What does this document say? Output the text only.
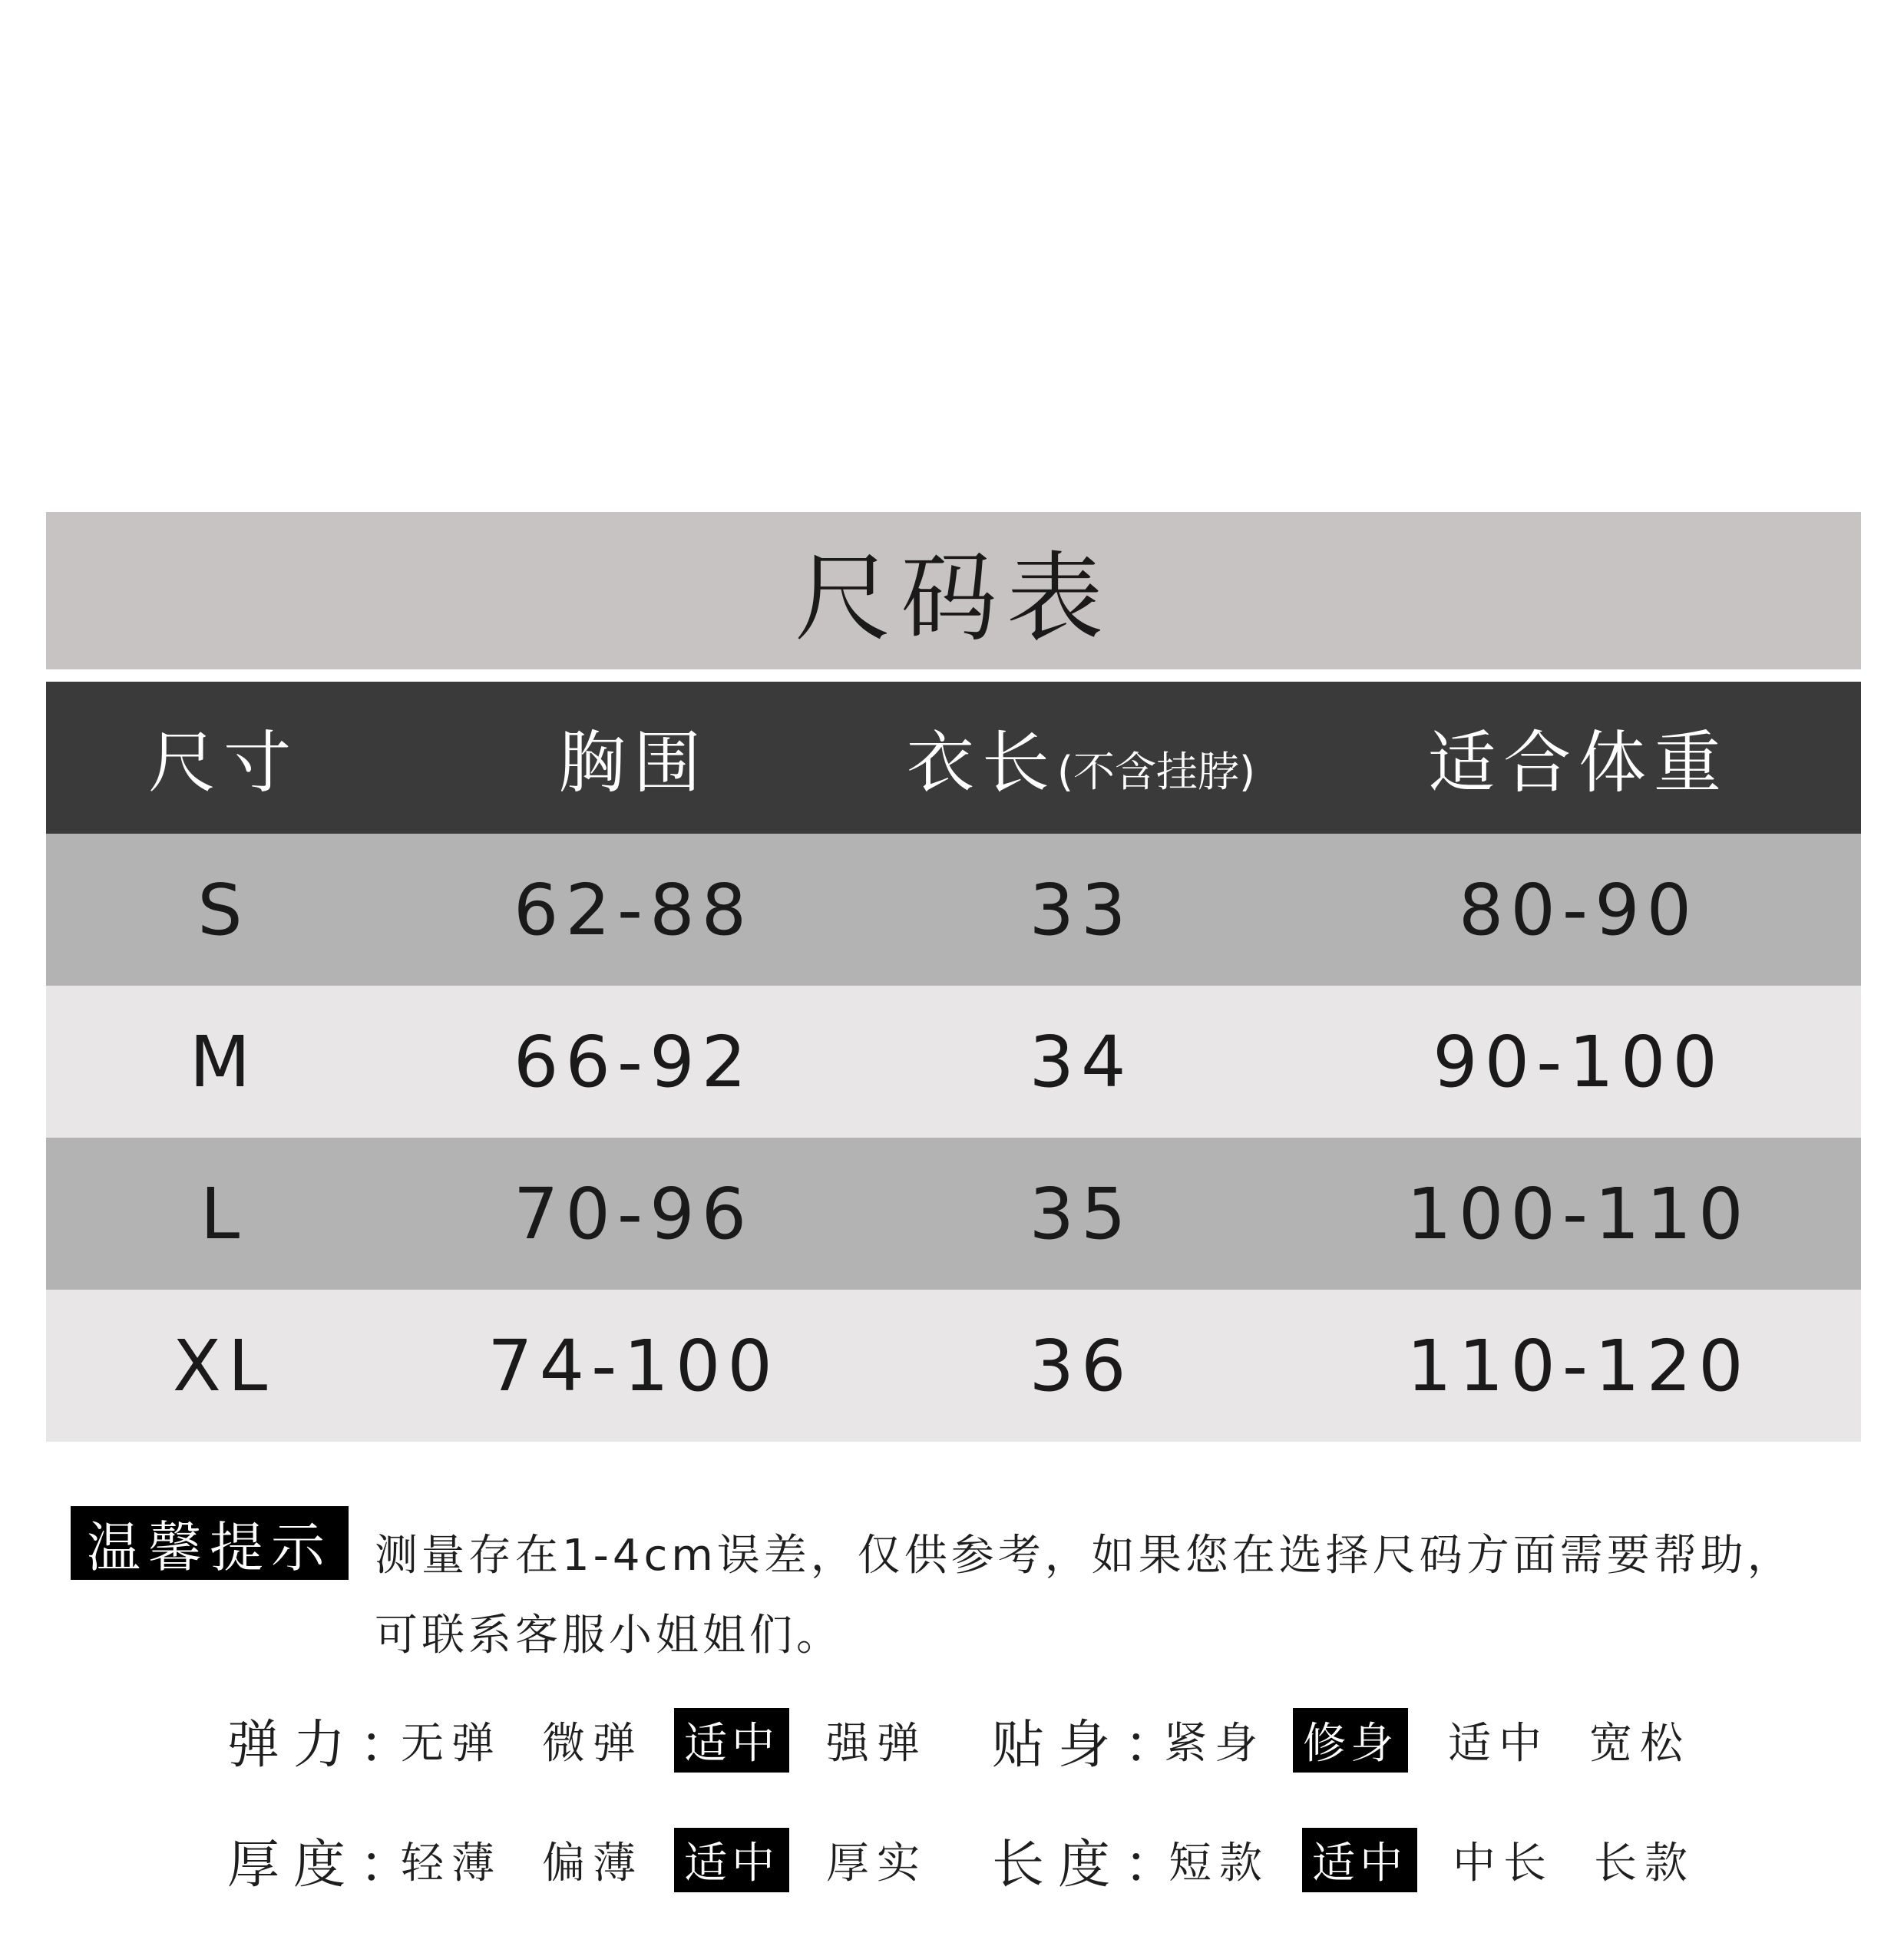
尺码表
尺寸	胸围	衣长(不含挂脖)	适合体重
S	62-88	33	80-90
M	66-92	34	90-100
L	70-96	35	100-110
XL	74-100	36	110-120
温馨提示 测量存在1-4cm误差，仅供参考，如果您在选择尺码方面需要帮助，
可联系客服小姐姐们。
弹力：
无弹 微弹 适中 强弹 贴身：
紧身 修身 适中 宽松
厚度：
轻薄 偏薄 适中 厚实 长度：
短款 适中 中长 长款
